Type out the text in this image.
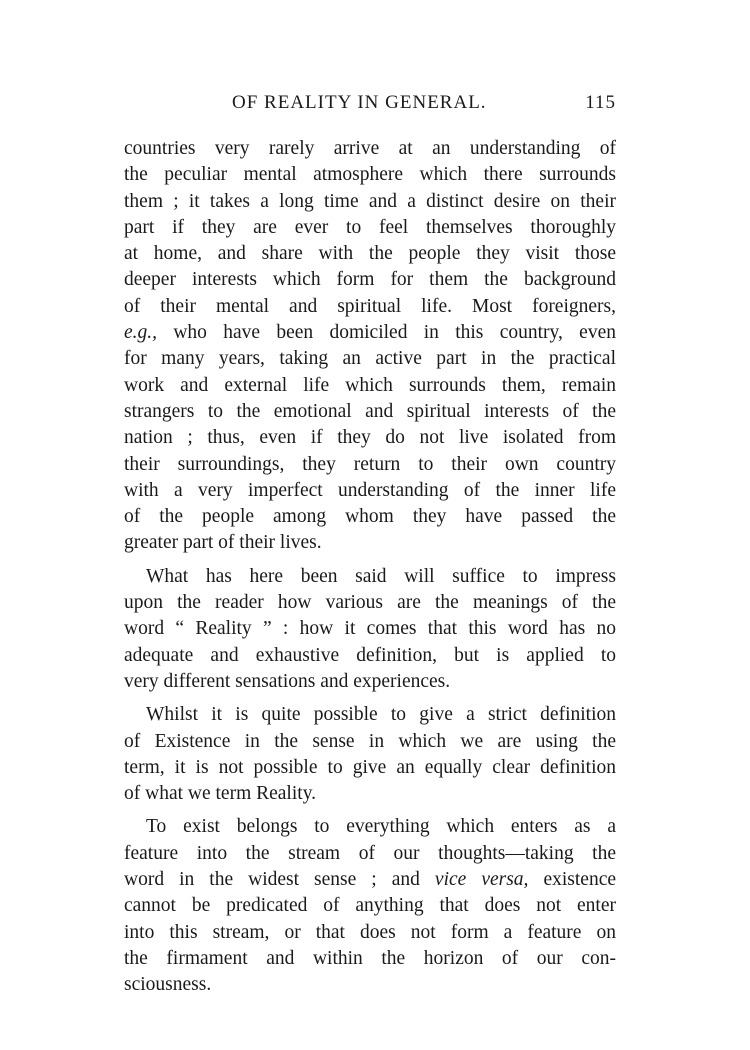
OF REALITY IN GENERAL.	115
countries very rarely arrive at an understanding of
the peculiar mental atmosphere which there surrounds
them ; it takes a long time and a distinct desire on their
part if they are ever to feel themselves thoroughly
at home, and share with the people they visit those
deeper interests which form for them the background
of their mental and spiritual life. Most foreigners,
e.g., who have been domiciled in this country, even
for many years, taking an active part in the practical
work and external life which surrounds them, remain
strangers to the emotional and spiritual interests of the
nation ; thus, even if they do not live isolated from
their surroundings, they return to their own country
with a very imperfect understanding of the inner life
of the people among whom they have passed the
greater part of their lives.
What has here been said will suffice to impress
upon the reader how various are the meanings of the
word “ Reality ” : how it comes that this word has no
adequate and exhaustive definition, but is applied to
very different sensations and experiences.
Whilst it is quite possible to give a strict definition
of Existence in the sense in which we are using the
term, it is not possible to give an equally clear definition
of what we term Reality.
To exist belongs to everything which enters as a
feature into the stream of our thoughts—taking the
word in the widest sense ; and vice versa, existence
cannot be predicated of anything that does not enter
into this stream, or that does not form a feature on
the firmament and within the horizon of our con-
sciousness.
